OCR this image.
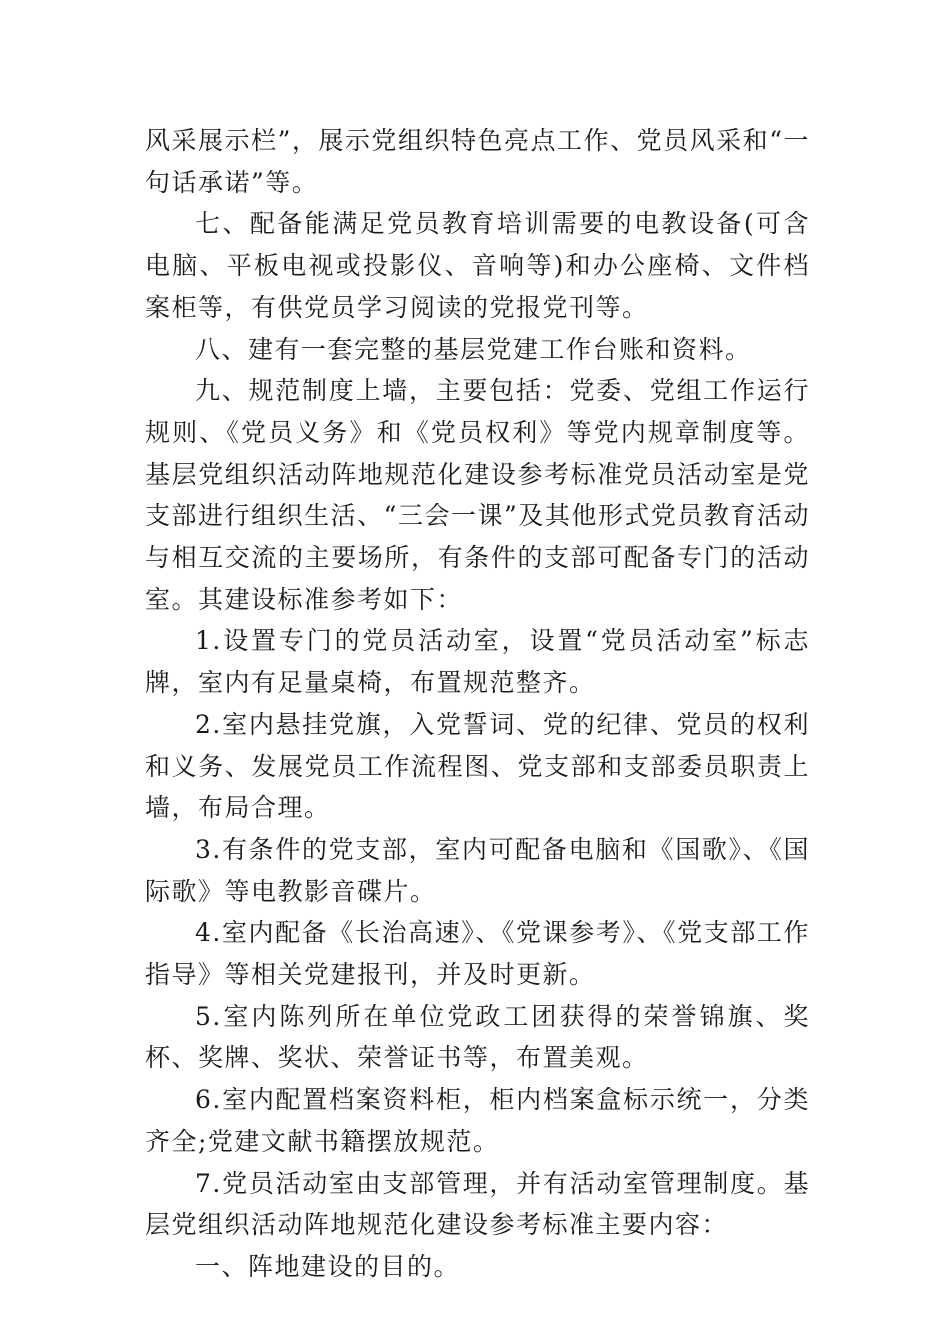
风采展示栏”，展示党组织特色亮点工作、党员风采和“一句话承诺”等。

七、配备能满足党员教育培训需要的电教设备(可含电脑、平板电视或投影仪、音响等)和办公座椅、文件档案柜等，有供党员学习阅读的党报党刊等。

八、建有一套完整的基层党建工作台账和资料。

九、规范制度上墙，主要包括：党委、党组工作运行规则、《党员义务》和《党员权利》等党内规章制度等。基层党组织活动阵地规范化建设参考标准党员活动室是党支部进行组织生活、“三会一课”及其他形式党员教育活动与相互交流的主要场所，有条件的支部可配备专门的活动室。其建设标准参考如下：

1.设置专门的党员活动室，设置“党员活动室”标志牌，室内有足量桌椅，布置规范整齐。

2.室内悬挂党旗，入党誓词、党的纪律、党员的权利和义务、发展党员工作流程图、党支部和支部委员职责上墙，布局合理。

3.有条件的党支部，室内可配备电脑和《国歌》、《国际歌》等电教影音碟片。

4.室内配备《长治高速》、《党课参考》、《党支部工作指导》等相关党建报刊，并及时更新。

5.室内陈列所在单位党政工团获得的荣誉锦旗、奖杯、奖牌、奖状、荣誉证书等，布置美观。

6.室内配置档案资料柜，柜内档案盒标示统一，分类齐全;党建文献书籍摆放规范。

7.党员活动室由支部管理，并有活动室管理制度。基层党组织活动阵地规范化建设参考标准主要内容：

一、阵地建设的目的。
